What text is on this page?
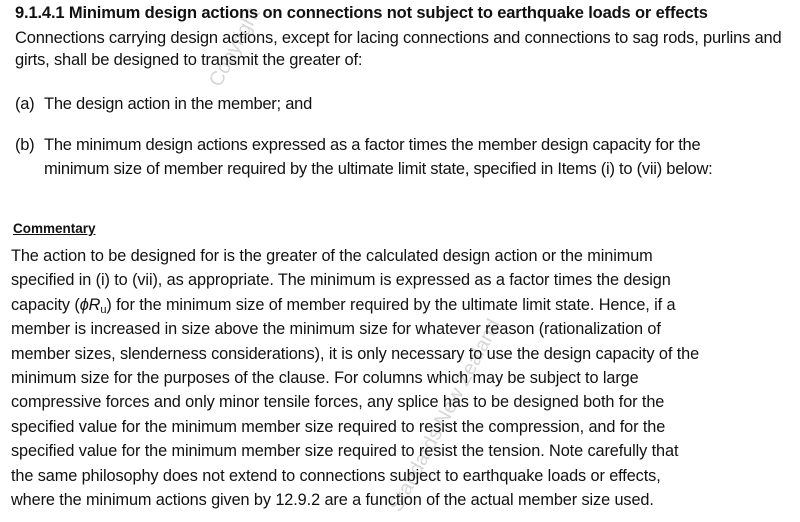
Copyright
Standards New Zealand
9.1.4.1 Minimum design actions on connections not subject to earthquake loads or effects
Connections carrying design actions, except for lacing connections and connections to sag rods, purlins and girts, shall be designed to transmit the greater of:
(a) The design action in the member; and
(b) The minimum design actions expressed as a factor times the member design capacity for the
minimum size of member required by the ultimate limit state, specified in Items (i) to (vii) below:
Commentary
The action to be designed for is the greater of the calculated design action or the minimum
specified in (i) to (vii), as appropriate. The minimum is expressed as a factor times the design
capacity $(\phi R_u)$ for the minimum size of member required by the ultimate limit state. Hence, if a
member is increased in size above the minimum size for whatever reason (rationalization of
member sizes, slenderness considerations), it is only necessary to use the design capacity of the
minimum size for the purposes of the clause. For columns which may be subject to large
compressive forces and only minor tensile forces, any splice has to be designed both for the
specified value for the minimum member size required to resist the compression, and for the
specified value for the minimum member size required to resist the tension. Note carefully that
the same philosophy does not extend to connections subject to earthquake loads or effects,
where the minimum actions given by 12.9.2 are a function of the actual member size used.
